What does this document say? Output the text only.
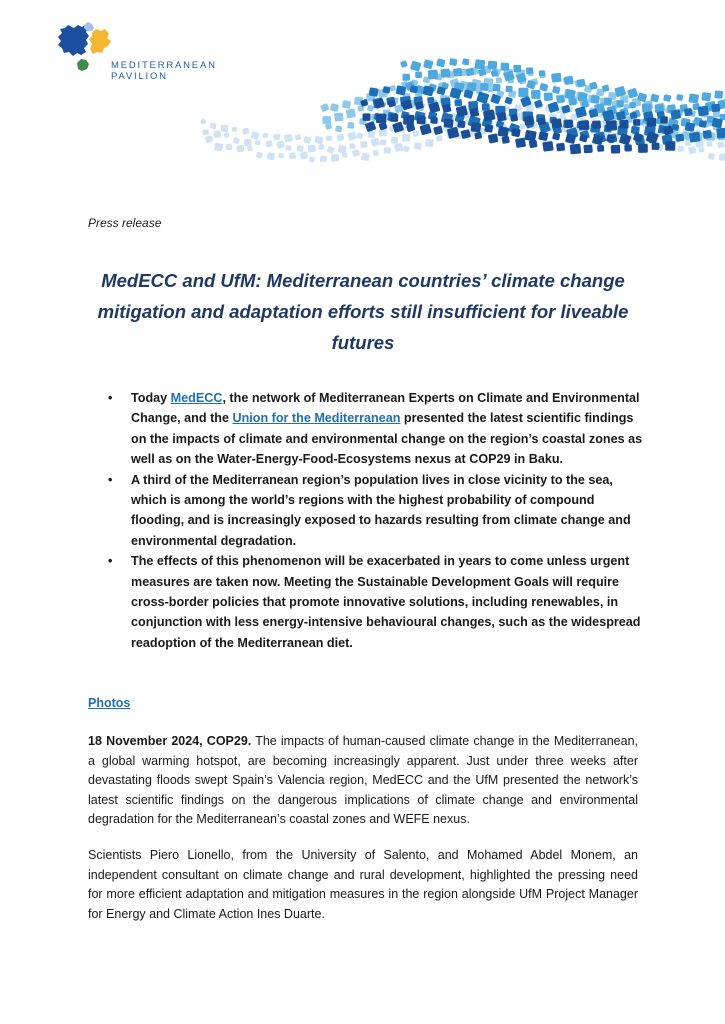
MEDITERRANEAN
PAVILION
Press release
MedECC and UfM: Mediterranean countries’ climate change mitigation and adaptation efforts still insufficient for liveable futures
• Today MedECC, the network of Mediterranean Experts on Climate and Environmental Change, and the Union for the Mediterranean presented the latest scientific findings on the impacts of climate and environmental change on the region’s coastal zones as well as on the Water-Energy-Food-Ecosystems nexus at COP29 in Baku.
• A third of the Mediterranean region’s population lives in close vicinity to the sea, which is among the world’s regions with the highest probability of compound flooding, and is increasingly exposed to hazards resulting from climate change and environmental degradation.
• The effects of this phenomenon will be exacerbated in years to come unless urgent measures are taken now. Meeting the Sustainable Development Goals will require cross-border policies that promote innovative solutions, including renewables, in conjunction with less energy-intensive behavioural changes, such as the widespread readoption of the Mediterranean diet.
Photos

18 November 2024, COP29. The impacts of human-caused climate change in the Mediterranean, a global warming hotspot, are becoming increasingly apparent. Just under three weeks after devastating floods swept Spain’s Valencia region, MedECC and the UfM presented the network’s latest scientific findings on the dangerous implications of climate change and environmental degradation for the Mediterranean’s coastal zones and WEFE nexus.

Scientists Piero Lionello, from the University of Salento, and Mohamed Abdel Monem, an independent consultant on climate change and rural development, highlighted the pressing need for more efficient adaptation and mitigation measures in the region alongside UfM Project Manager for Energy and Climate Action Ines Duarte.
